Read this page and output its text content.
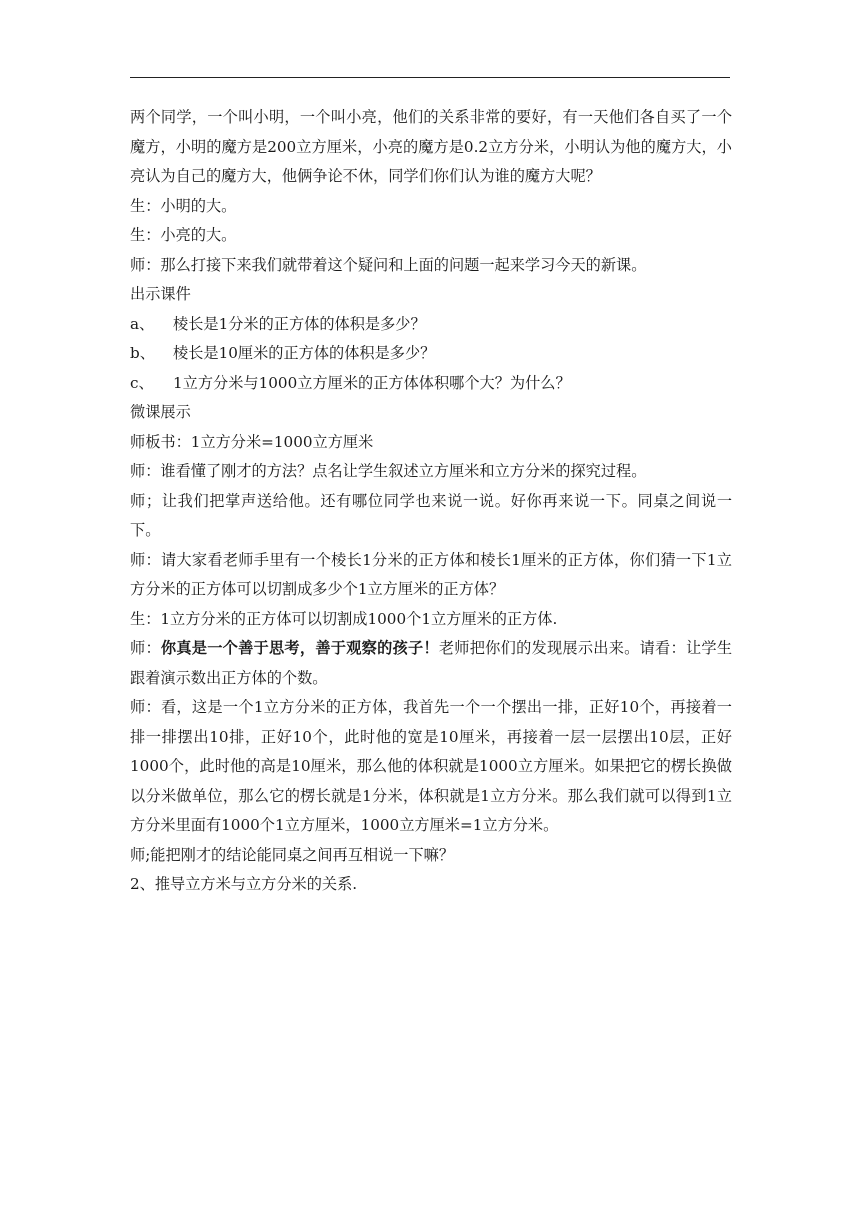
两个同学，一个叫小明，一个叫小亮，他们的关系非常的要好，有一天他们各自买了一个魔方，小明的魔方是200立方厘米，小亮的魔方是0.2立方分米，小明认为他的魔方大，小亮认为自己的魔方大，他俩争论不休，同学们你们认为谁的魔方大呢？

生：小明的大。

生：小亮的大。

师：那么打接下来我们就带着这个疑问和上面的问题一起来学习今天的新课。

出示课件

a、	棱长是1分米的正方体的体积是多少？
b、	棱长是10厘米的正方体的体积是多少？
c、	1立方分米与1000立方厘米的正方体体积哪个大？为什么？

微课展示

师板书：1立方分米=1000立方厘米

师：谁看懂了刚才的方法？点名让学生叙述立方厘米和立方分米的探究过程。

师；让我们把掌声送给他。还有哪位同学也来说一说。好你再来说一下。同桌之间说一下。

师：请大家看老师手里有一个棱长1分米的正方体和棱长1厘米的正方体，你们猜一下1立方分米的正方体可以切割成多少个1立方厘米的正方体？

生：1立方分米的正方体可以切割成1000个1立方厘米的正方体.

师：你真是一个善于思考，善于观察的孩子！老师把你们的发现展示出来。请看：让学生跟着演示数出正方体的个数。

师：看，这是一个1立方分米的正方体，我首先一个一个摆出一排，正好10个，再接着一排一排摆出10排，正好10个，此时他的宽是10厘米，再接着一层一层摆出10层，正好1000个，此时他的高是10厘米，那么他的体积就是1000立方厘米。如果把它的楞长换做以分米做单位，那么它的楞长就是1分米，体积就是1立方分米。那么我们就可以得到1立方分米里面有1000个1立方厘米，1000立方厘米=1立方分米。

师;能把刚才的结论能同桌之间再互相说一下嘛？

2、推导立方米与立方分米的关系.
